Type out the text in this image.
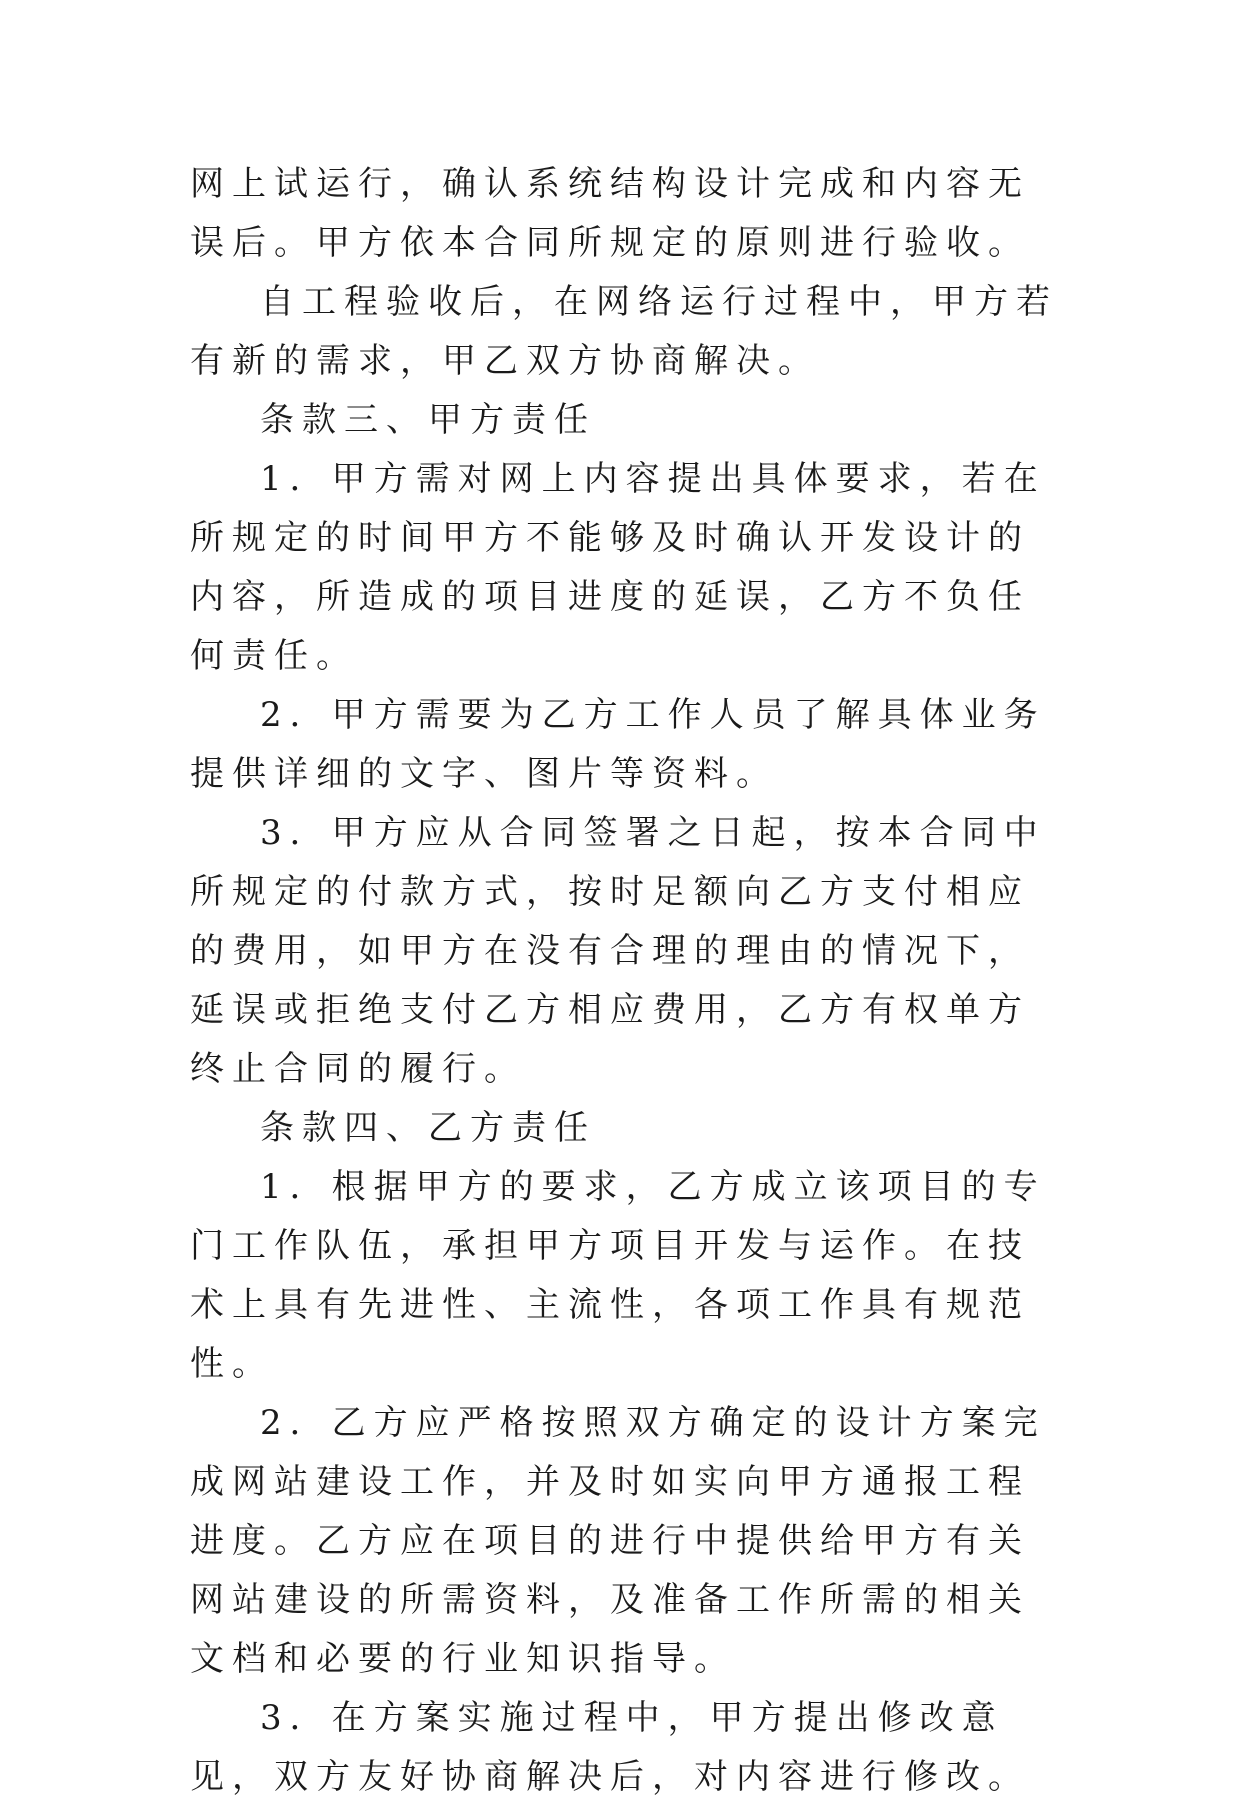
网上试运行，确认系统结构设计完成和内容无误后。甲方依本合同所规定的原则进行验收。

自工程验收后，在网络运行过程中，甲方若有新的需求，甲乙双方协商解决。

条款三、甲方责任

1．甲方需对网上内容提出具体要求，若在所规定的时间甲方不能够及时确认开发设计的内容，所造成的项目进度的延误，乙方不负任何责任。

2．甲方需要为乙方工作人员了解具体业务提供详细的文字、图片等资料。

3．甲方应从合同签署之日起，按本合同中所规定的付款方式，按时足额向乙方支付相应的费用，如甲方在没有合理的理由的情况下，延误或拒绝支付乙方相应费用，乙方有权单方终止合同的履行。

条款四、乙方责任

1．根据甲方的要求，乙方成立该项目的专门工作队伍，承担甲方项目开发与运作。在技术上具有先进性、主流性，各项工作具有规范性。

2．乙方应严格按照双方确定的设计方案完成网站建设工作，并及时如实向甲方通报工程进度。乙方应在项目的进行中提供给甲方有关网站建设的所需资料，及准备工作所需的相关文档和必要的行业知识指导。

3．在方案实施过程中，甲方提出修改意见，双方友好协商解决后，对内容进行修改。
